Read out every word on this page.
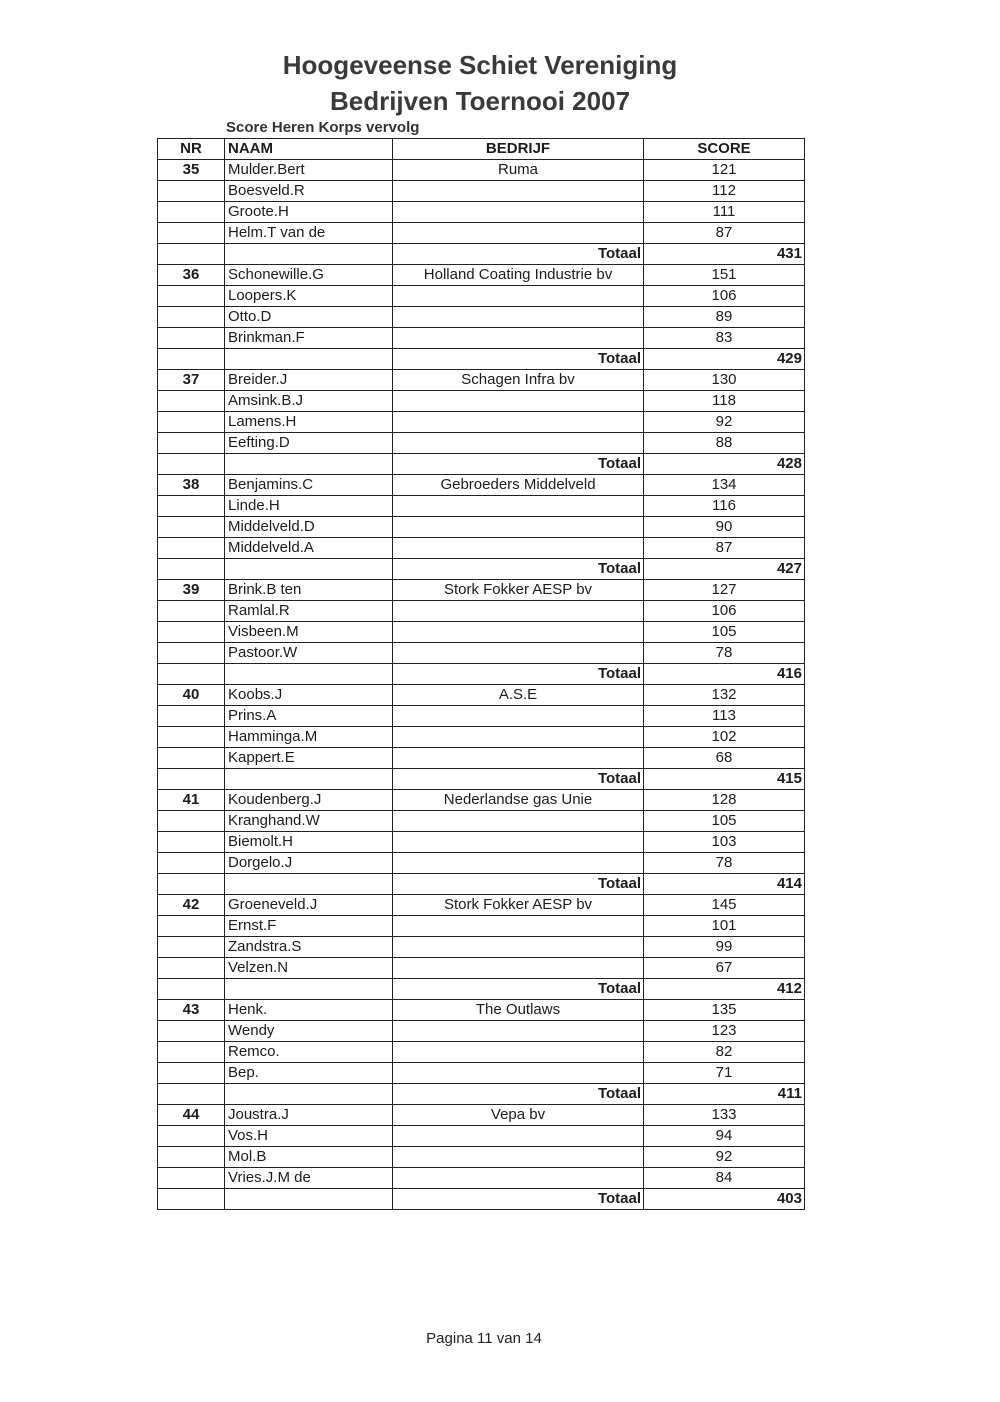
Hoogeveense Schiet Vereniging
Bedrijven Toernooi 2007
Score Heren Korps vervolg
NR	NAAM	BEDRIJF	SCORE
35	Mulder.Bert	Ruma	121
	Boesveld.R		112
	Groote.H		111
	Helm.T van de		87
		Totaal	431
36	Schonewille.G	Holland Coating Industrie bv	151
	Loopers.K		106
	Otto.D		89
	Brinkman.F		83
		Totaal	429
37	Breider.J	Schagen Infra bv	130
	Amsink.B.J		118
	Lamens.H		92
	Eefting.D		88
		Totaal	428
38	Benjamins.C	Gebroeders Middelveld	134
	Linde.H		116
	Middelveld.D		90
	Middelveld.A		87
		Totaal	427
39	Brink.B ten	Stork Fokker AESP bv	127
	Ramlal.R		106
	Visbeen.M		105
	Pastoor.W		78
		Totaal	416
40	Koobs.J	A.S.E	132
	Prins.A		113
	Hamminga.M		102
	Kappert.E		68
		Totaal	415
41	Koudenberg.J	Nederlandse gas Unie	128
	Kranghand.W		105
	Biemolt.H		103
	Dorgelo.J		78
		Totaal	414
42	Groeneveld.J	Stork Fokker AESP bv	145
	Ernst.F		101
	Zandstra.S		99
	Velzen.N		67
		Totaal	412
43	Henk.	The Outlaws	135
	Wendy		123
	Remco.		82
	Bep.		71
		Totaal	411
44	Joustra.J	Vepa bv	133
	Vos.H		94
	Mol.B		92
	Vries.J.M de		84
		Totaal	403
Pagina 11 van 14
